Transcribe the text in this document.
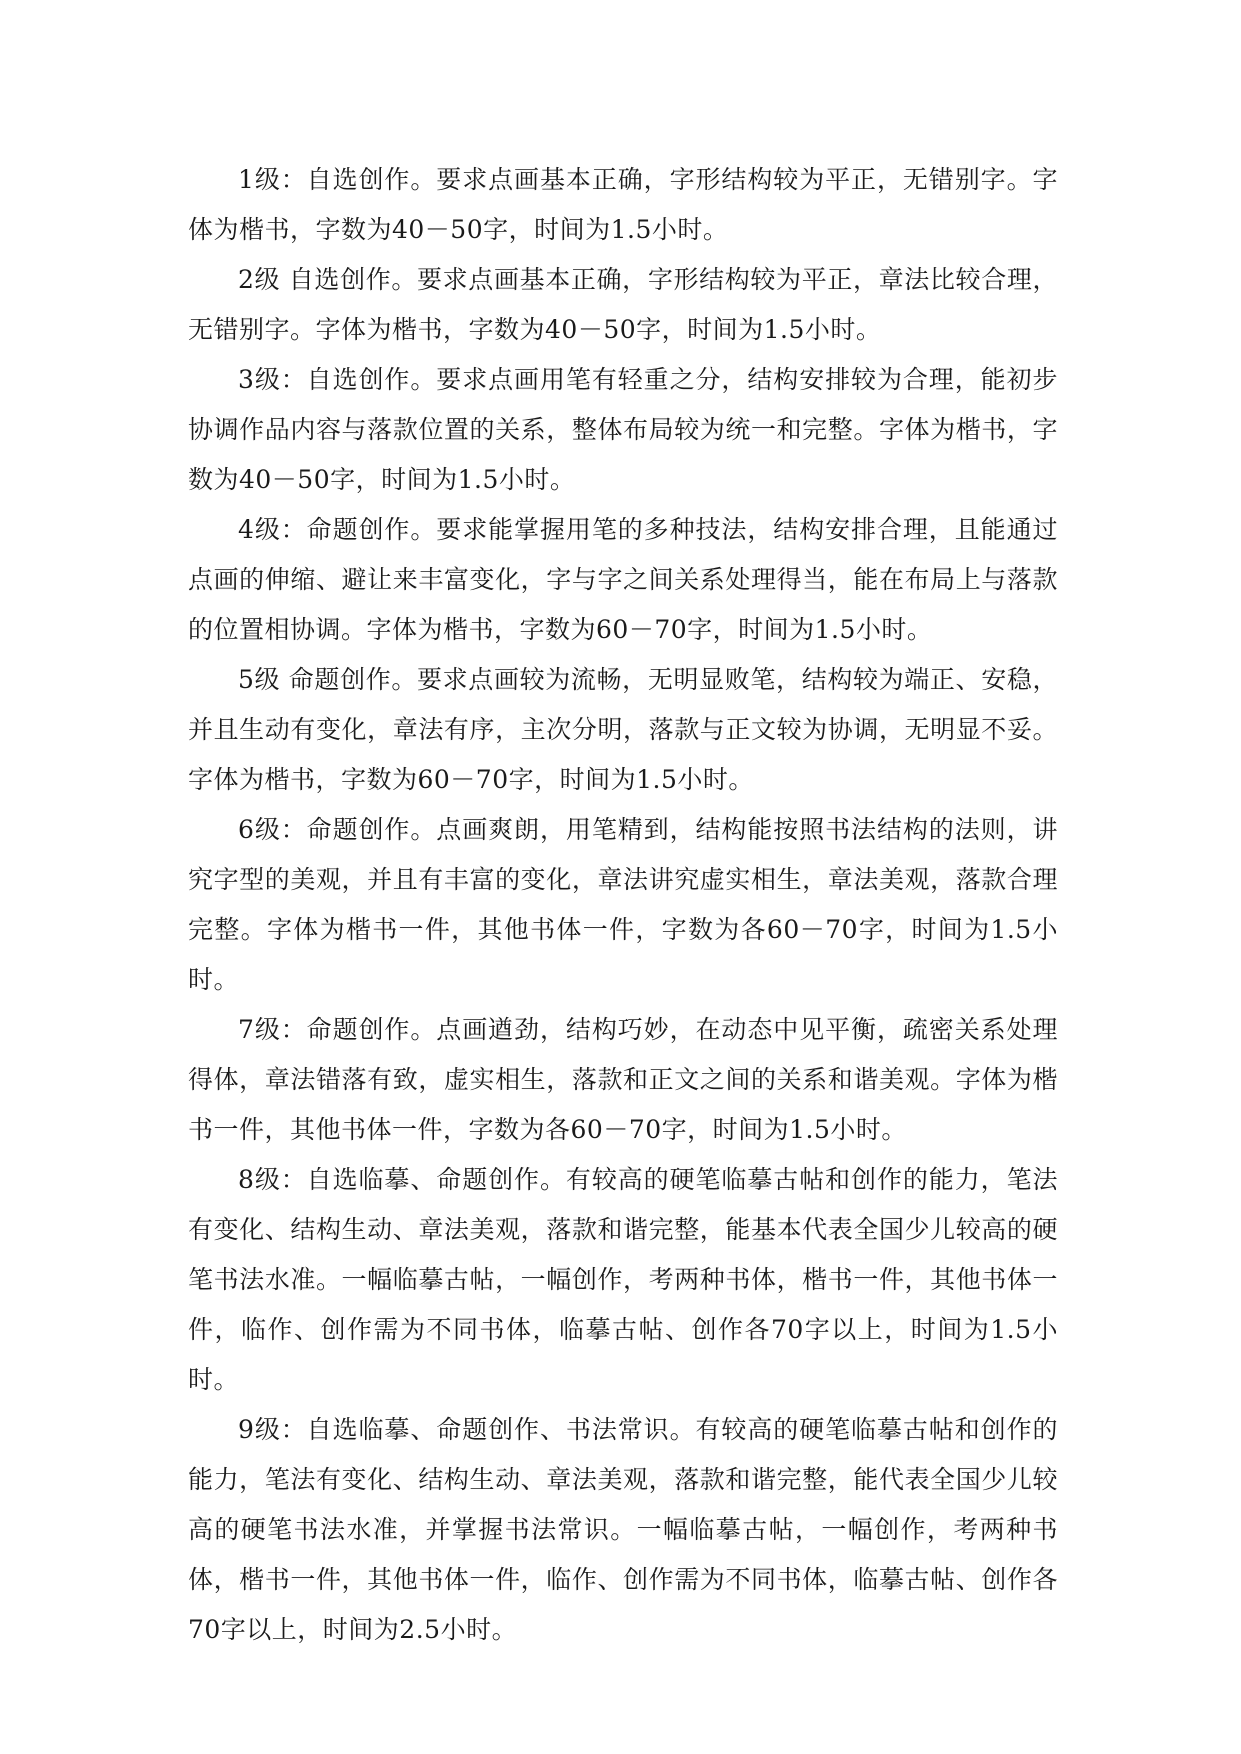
1级：自选创作。要求点画基本正确，字形结构较为平正，无错别字。字体为楷书，字数为40－50字，时间为1.5小时。

2级 自选创作。要求点画基本正确，字形结构较为平正，章法比较合理，无错别字。字体为楷书，字数为40－50字，时间为1.5小时。

3级：自选创作。要求点画用笔有轻重之分，结构安排较为合理，能初步协调作品内容与落款位置的关系，整体布局较为统一和完整。字体为楷书，字数为40－50字，时间为1.5小时。

4级：命题创作。要求能掌握用笔的多种技法，结构安排合理，且能通过点画的伸缩、避让来丰富变化，字与字之间关系处理得当，能在布局上与落款的位置相协调。字体为楷书，字数为60－70字，时间为1.5小时。

5级 命题创作。要求点画较为流畅，无明显败笔，结构较为端正、安稳，并且生动有变化，章法有序，主次分明，落款与正文较为协调，无明显不妥。字体为楷书，字数为60－70字，时间为1.5小时。

6级：命题创作。点画爽朗，用笔精到，结构能按照书法结构的法则，讲究字型的美观，并且有丰富的变化，章法讲究虚实相生，章法美观，落款合理完整。字体为楷书一件，其他书体一件，字数为各60－70字，时间为1.5小时。

7级：命题创作。点画遒劲，结构巧妙，在动态中见平衡，疏密关系处理得体，章法错落有致，虚实相生，落款和正文之间的关系和谐美观。字体为楷书一件，其他书体一件，字数为各60－70字，时间为1.5小时。

8级：自选临摹、命题创作。有较高的硬笔临摹古帖和创作的能力，笔法有变化、结构生动、章法美观，落款和谐完整，能基本代表全国少儿较高的硬笔书法水准。一幅临摹古帖，一幅创作，考两种书体，楷书一件，其他书体一件，临作、创作需为不同书体，临摹古帖、创作各70字以上，时间为1.5小时。

9级：自选临摹、命题创作、书法常识。有较高的硬笔临摹古帖和创作的能力，笔法有变化、结构生动、章法美观，落款和谐完整，能代表全国少儿较高的硬笔书法水准，并掌握书法常识。一幅临摹古帖，一幅创作，考两种书体，楷书一件，其他书体一件，临作、创作需为不同书体，临摹古帖、创作各70字以上，时间为2.5小时。
